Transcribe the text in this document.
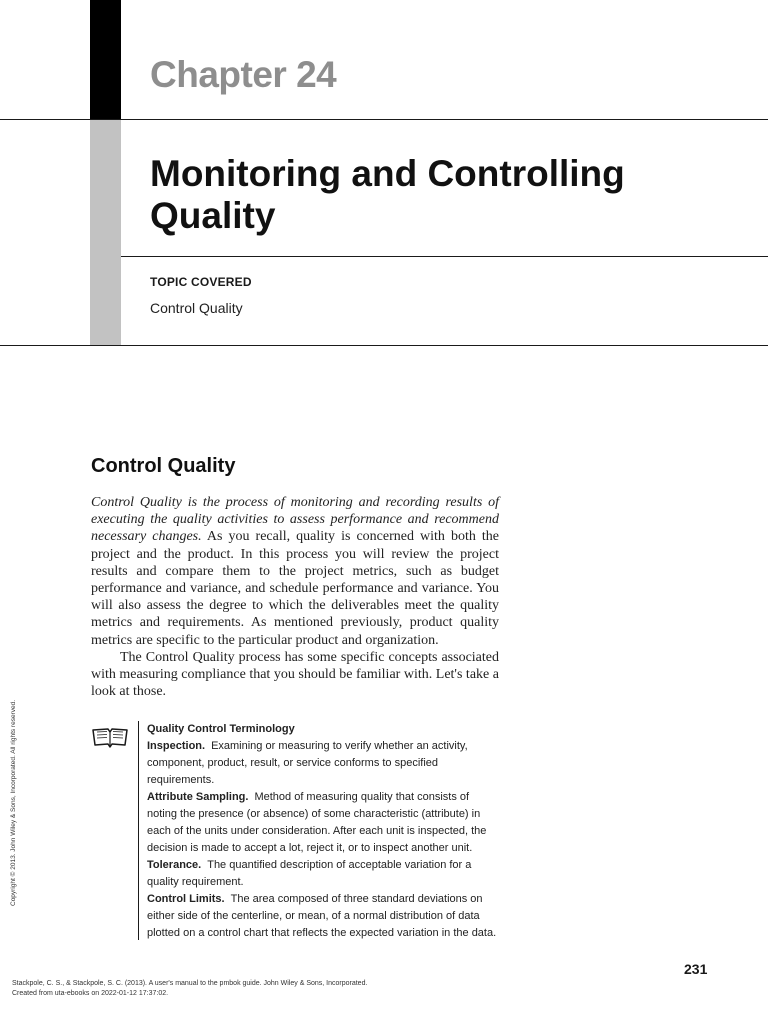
Chapter 24
Monitoring and Controlling Quality
TOPIC COVERED
Control Quality
Control Quality

Control Quality is the process of monitoring and recording results of executing the quality activities to assess performance and recommend necessary changes. As you recall, quality is concerned with both the project and the product. In this process you will review the project results and compare them to the project metrics, such as budget performance and variance, and schedule performance and variance. You will also assess the degree to which the deliverables meet the quality metrics and requirements. As mentioned previously, product quality metrics are specific to the particular product and organization.

The Control Quality process has some specific concepts associated with measuring compliance that you should be familiar with. Let's take a look at those.

Quality Control Terminology
Inspection. Examining or measuring to verify whether an activity, component, product, result, or service conforms to specified requirements.
Attribute Sampling. Method of measuring quality that consists of noting the presence (or absence) of some characteristic (attribute) in each of the units under consideration. After each unit is inspected, the decision is made to accept a lot, reject it, or to inspect another unit.
Tolerance. The quantified description of acceptable variation for a quality requirement.
Control Limits. The area composed of three standard deviations on either side of the centerline, or mean, of a normal distribution of data plotted on a control chart that reflects the expected variation in the data.
231
Copyright © 2013. John Wiley & Sons, Incorporated. All rights reserved.
Stackpole, C. S., & Stackpole, S. C. (2013). A user's manual to the pmbok guide. John Wiley & Sons, Incorporated.
Created from uta-ebooks on 2022-01-12 17:37:02.
